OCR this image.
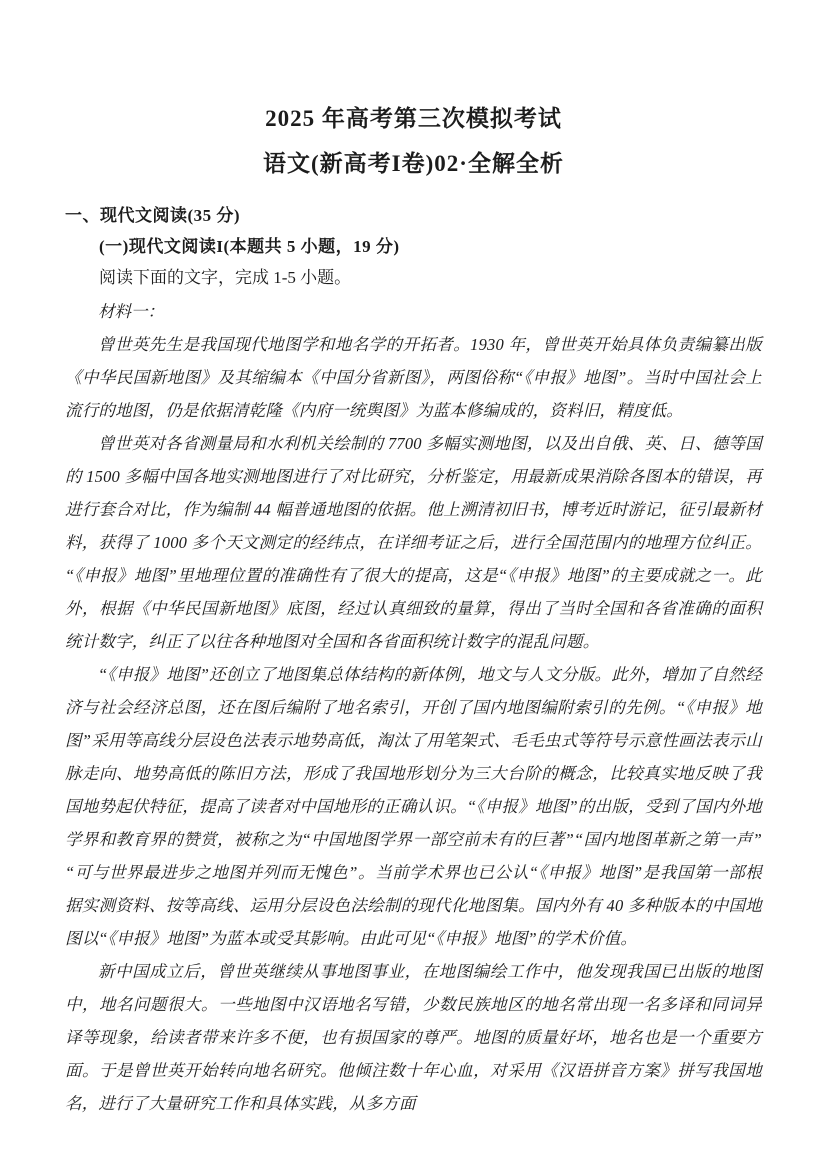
2025 年高考第三次模拟考试
语文(新高考I卷)02·全解全析
一、现代文阅读(35 分)
(一)现代文阅读I(本题共 5 小题，19 分)
阅读下面的文字，完成 1-5 小题。
材料一：

曾世英先生是我国现代地图学和地名学的开拓者。1930 年，曾世英开始具体负责编纂出版《中华民国新地图》及其缩编本《中国分省新图》，两图俗称“《申报》地图”。当时中国社会上流行的地图，仍是依据清乾隆《内府一统舆图》为蓝本修编成的，资料旧，精度低。

曾世英对各省测量局和水利机关绘制的 7700 多幅实测地图，以及出自俄、英、日、德等国的 1500 多幅中国各地实测地图进行了对比研究，分析鉴定，用最新成果消除各图本的错误，再进行套合对比，作为编制 44 幅普通地图的依据。他上溯清初旧书，博考近时游记，征引最新材料，获得了 1000 多个天文测定的经纬点，在详细考证之后，进行全国范围内的地理方位纠正。“《申报》地图”里地理位置的准确性有了很大的提高，这是“《申报》地图”的主要成就之一。此外，根据《中华民国新地图》底图，经过认真细致的量算，得出了当时全国和各省准确的面积统计数字，纠正了以往各种地图对全国和各省面积统计数字的混乱问题。

“《申报》地图”还创立了地图集总体结构的新体例，地文与人文分版。此外，增加了自然经济与社会经济总图，还在图后编附了地名索引，开创了国内地图编附索引的先例。“《申报》地图”采用等高线分层设色法表示地势高低，淘汰了用笔架式、毛毛虫式等符号示意性画法表示山脉走向、地势高低的陈旧方法，形成了我国地形划分为三大台阶的概念，比较真实地反映了我国地势起伏特征，提高了读者对中国地形的正确认识。“《申报》地图”的出版，受到了国内外地学界和教育界的赞赏，被称之为“中国地图学界一部空前未有的巨著”“国内地图革新之第一声”“可与世界最进步之地图并列而无愧色”。当前学术界也已公认“《申报》地图”是我国第一部根据实测资料、按等高线、运用分层设色法绘制的现代化地图集。国内外有 40 多种版本的中国地图以“《申报》地图”为蓝本或受其影响。由此可见“《申报》地图”的学术价值。

新中国成立后，曾世英继续从事地图事业，在地图编绘工作中，他发现我国已出版的地图中，地名问题很大。一些地图中汉语地名写错，少数民族地区的地名常出现一名多译和同词异译等现象，给读者带来许多不便，也有损国家的尊严。地图的质量好坏，地名也是一个重要方面。于是曾世英开始转向地名研究。他倾注数十年心血，对采用《汉语拼音方案》拼写我国地名，进行了大量研究工作和具体实践，从多方面
